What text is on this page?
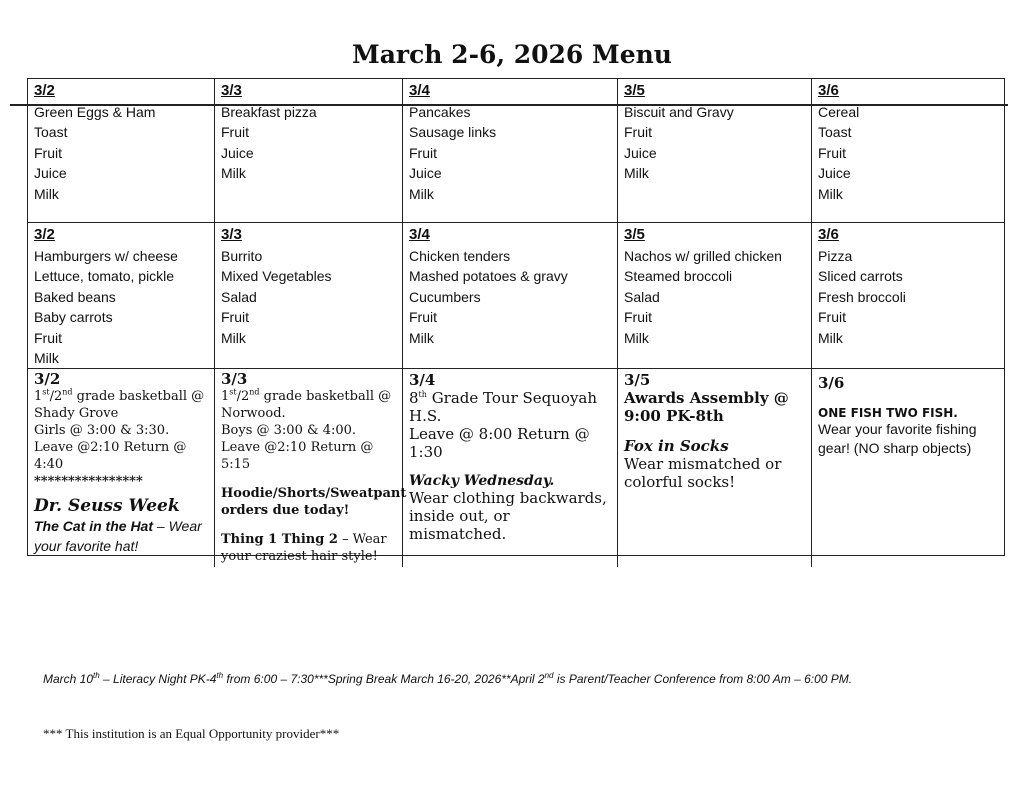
March 2-6, 2026 Menu
3/2
Green Eggs & Ham
Toast
Fruit
Juice
Milk
3/3
Breakfast pizza
Fruit
Juice
Milk
3/4
Pancakes
Sausage links
Fruit
Juice
Milk
3/5
Biscuit and Gravy
Fruit
Juice
Milk
3/6
Cereal
Toast
Fruit
Juice
Milk
3/2
Hamburgers w/ cheese
Lettuce, tomato, pickle
Baked beans
Baby carrots
Fruit
Milk
3/3
Burrito
Mixed Vegetables
Salad
Fruit
Milk
3/4
Chicken tenders
Mashed potatoes & gravy
Cucumbers
Fruit
Milk
3/5
Nachos w/ grilled chicken
Steamed broccoli
Salad
Fruit
Milk
3/6
Pizza
Sliced carrots
Fresh broccoli
Fruit
Milk
3/2
1st/2nd grade basketball @
Shady Grove
Girls @ 3:00 & 3:30.
Leave @2:10 Return @ 4:40
****************
Dr. Seuss Week
The Cat in the Hat – Wear your favorite hat!
3/3
1st/2nd grade basketball @
Norwood.
Boys @ 3:00 & 4:00.
Leave @2:10 Return @ 5:15
Hoodie/Shorts/Sweatpant orders due today!
Thing 1 Thing 2 – Wear your craziest hair style!
3/4
8th Grade Tour Sequoyah H.S.
Leave @ 8:00 Return @ 1:30
Wacky Wednesday.
Wear clothing backwards, inside out, or mismatched.
3/5
Awards Assembly @ 9:00 PK-8th
Fox in Socks
Wear mismatched or colorful socks!
3/6
ONE FISH TWO FISH.
Wear your favorite fishing gear! (NO sharp objects)
March 10th – Literacy Night PK-4th from 6:00 – 7:30***Spring Break March 16-20, 2026**April 2nd is Parent/Teacher Conference from 8:00 Am – 6:00 PM.
*** This institution is an Equal Opportunity provider***
